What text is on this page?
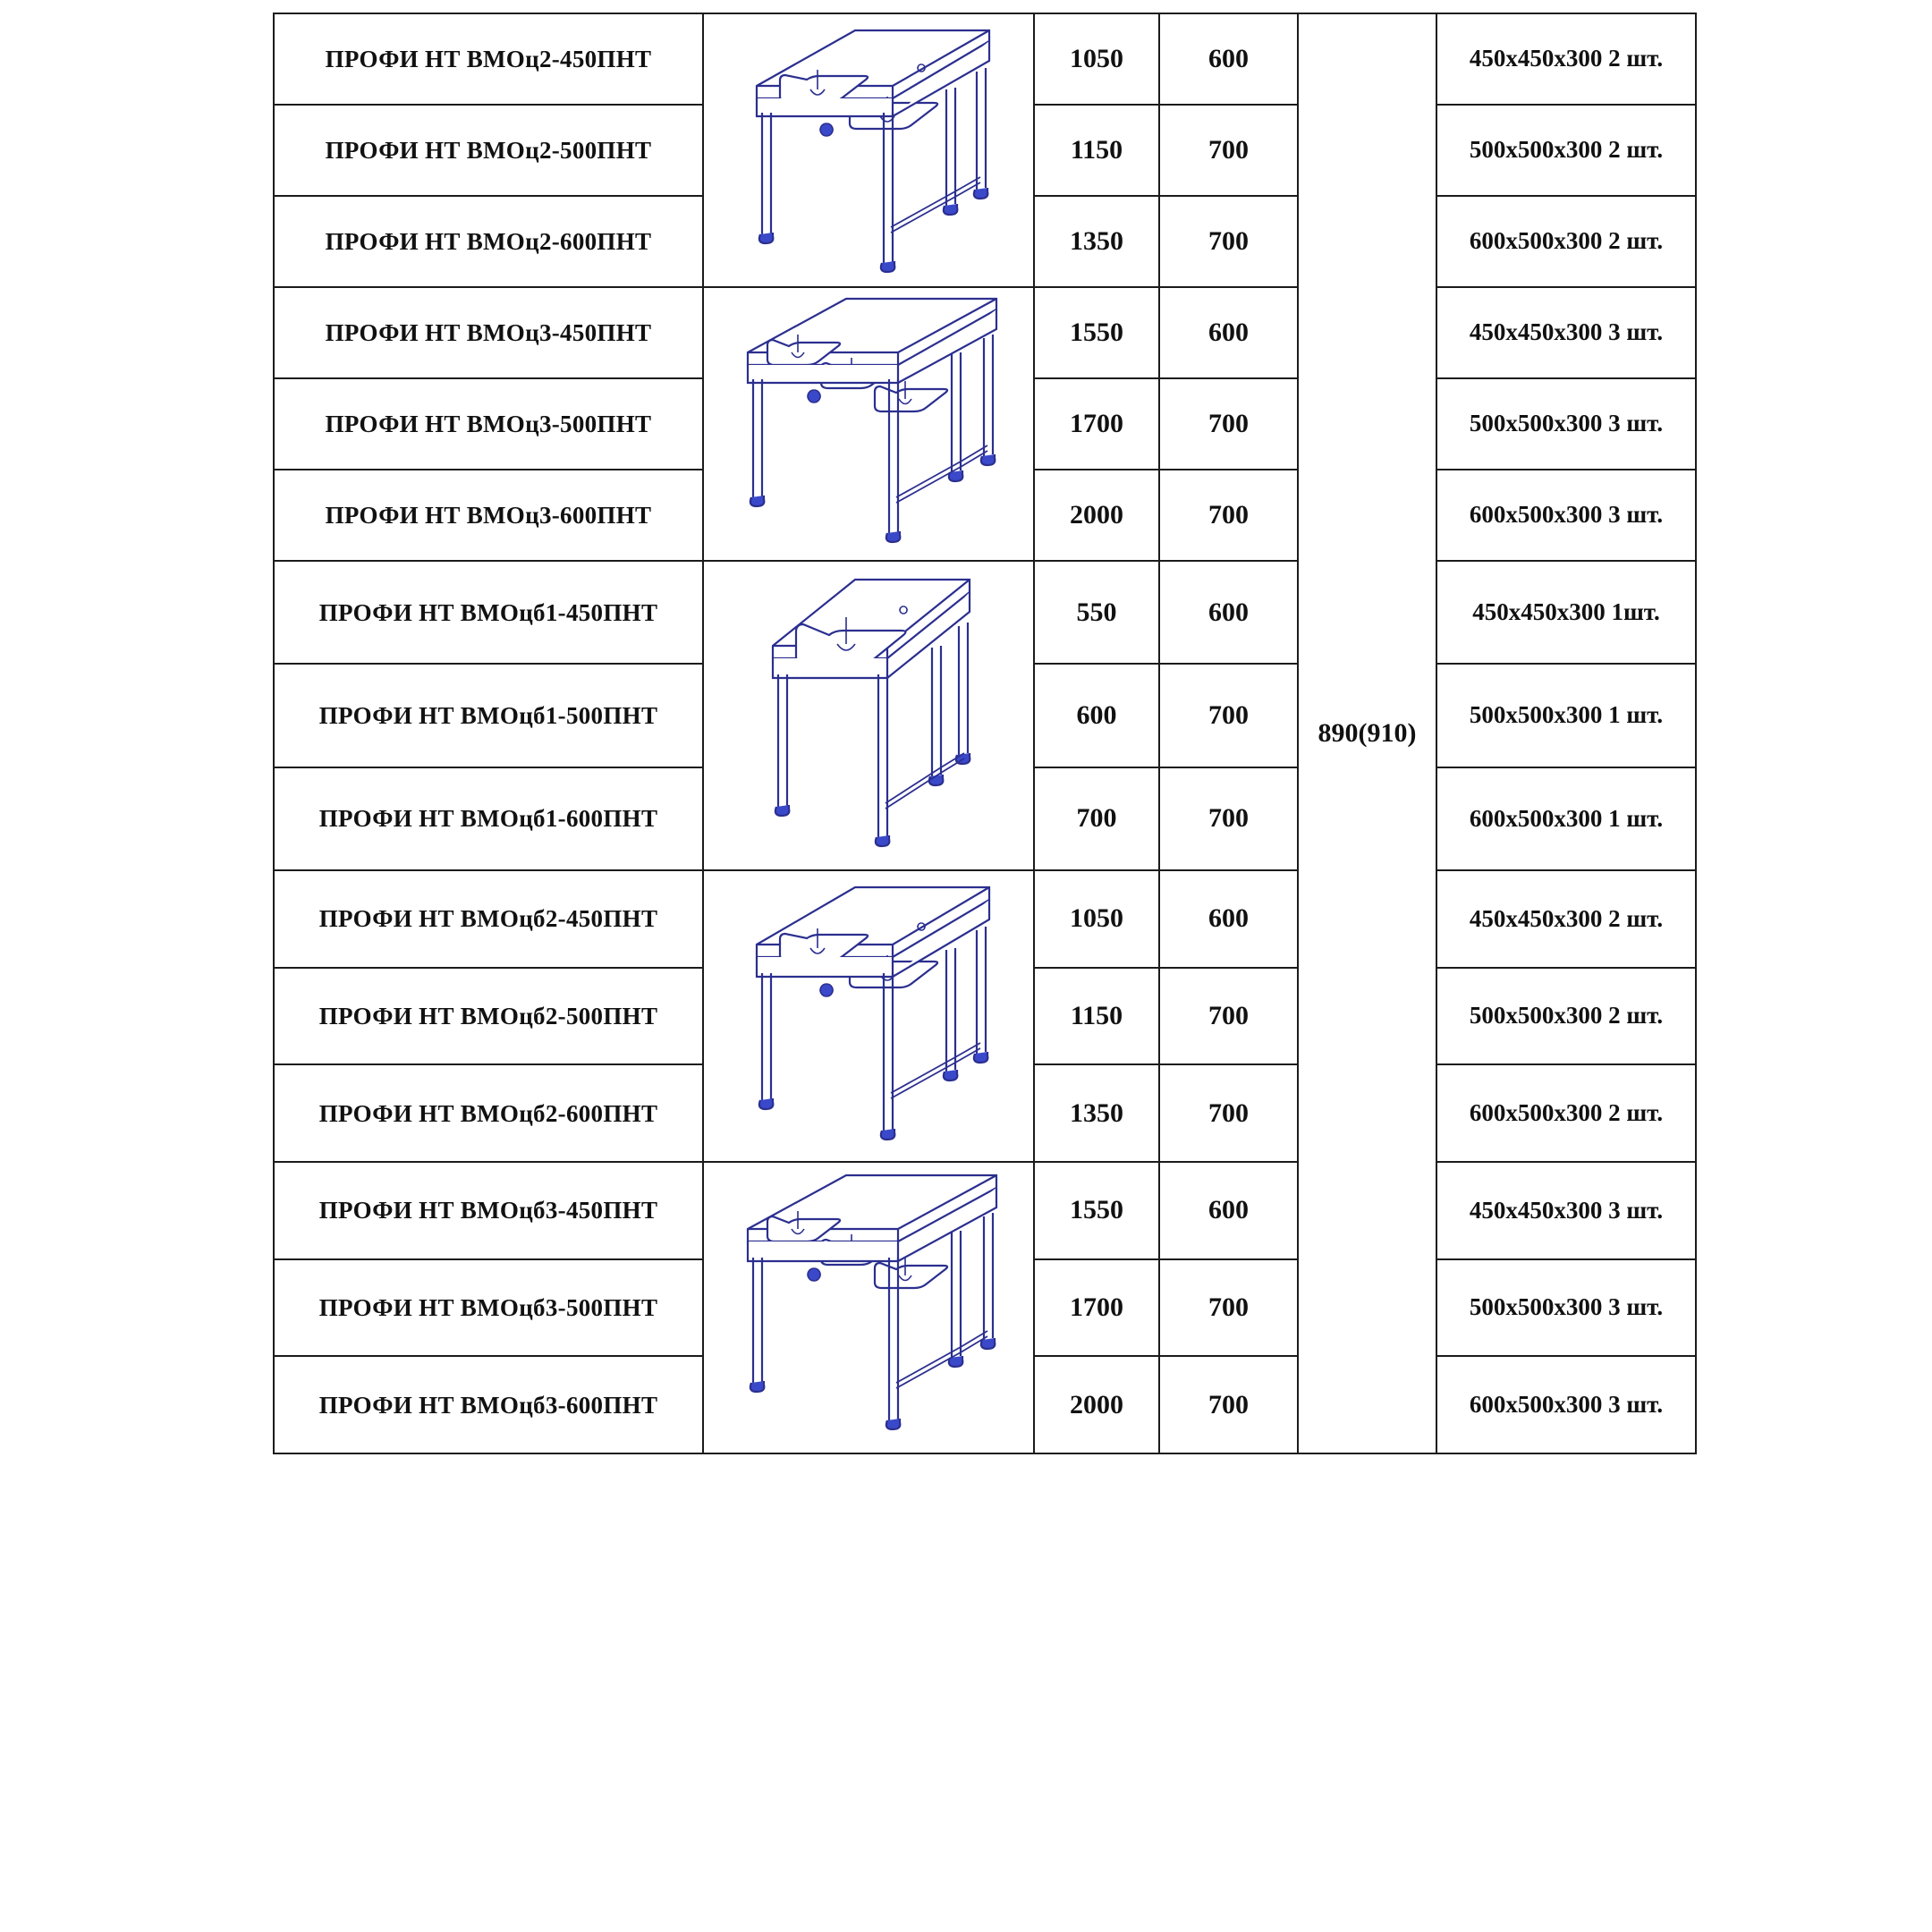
ПРОФИ НТ ВМОц2-450ПНТ		1050	600	890(910)	450х450х300 2 шт.
ПРОФИ НТ ВМОц2-500ПНТ		1150	700		500х500х300 2 шт.
ПРОФИ НТ ВМОц2-600ПНТ		1350	700		600х500х300 2 шт.
ПРОФИ НТ ВМОц3-450ПНТ		1550	600		450х450х300 3 шт.
ПРОФИ НТ ВМОц3-500ПНТ		1700	700		500х500х300 3 шт.
ПРОФИ НТ ВМОц3-600ПНТ		2000	700		600х500х300 3 шт.
ПРОФИ НТ ВМОцб1-450ПНТ		550	600		450х450х300 1шт.
ПРОФИ НТ ВМОцб1-500ПНТ		600	700		500х500х300 1 шт.
ПРОФИ НТ ВМОцб1-600ПНТ		700	700		600х500х300 1 шт.
ПРОФИ НТ ВМОцб2-450ПНТ		1050	600		450х450х300 2 шт.
ПРОФИ НТ ВМОцб2-500ПНТ		1150	700		500х500х300 2 шт.
ПРОФИ НТ ВМОцб2-600ПНТ		1350	700		600х500х300 2 шт.
ПРОФИ НТ ВМОцб3-450ПНТ		1550	600		450х450х300 3 шт.
ПРОФИ НТ ВМОцб3-500ПНТ		1700	700		500х500х300 3 шт.
ПРОФИ НТ ВМОцб3-600ПНТ		2000	700		600х500х300 3 шт.
